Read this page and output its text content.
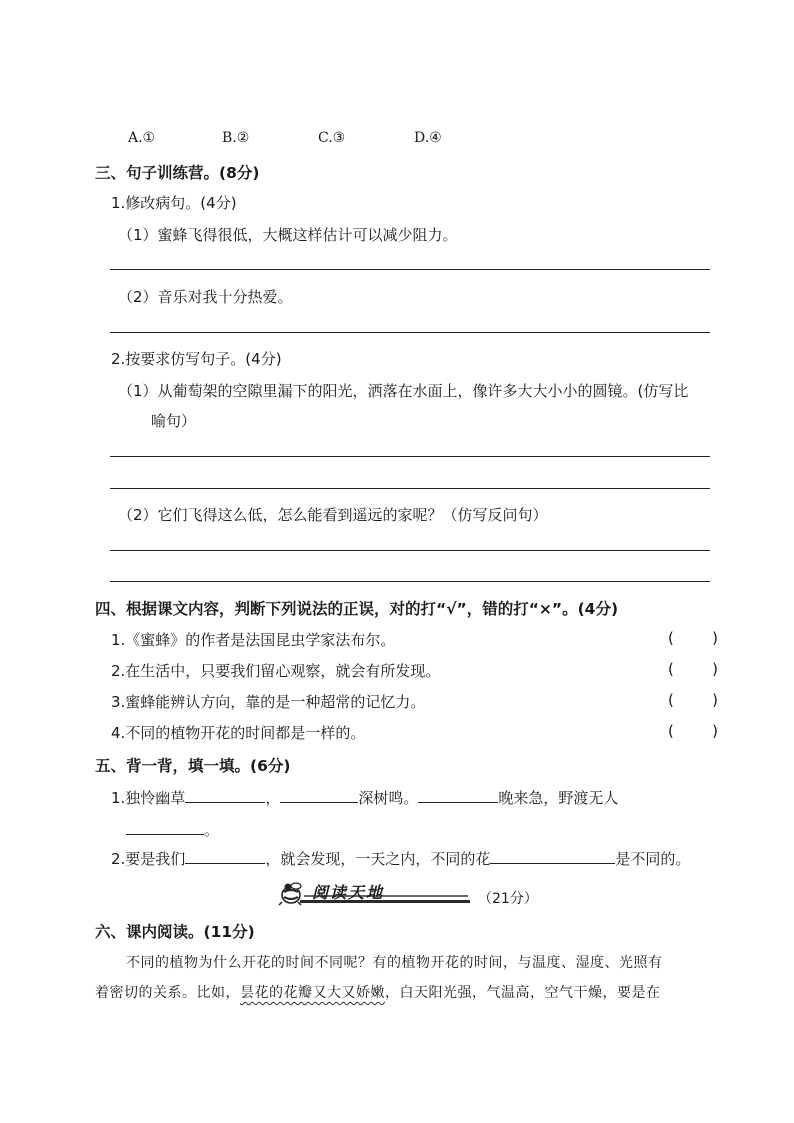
A.①	B.②	C.③	D.④
三、句子训练营。(8分)
1.修改病句。(4分)
（1）蜜蜂飞得很低，大概这样估计可以减少阻力。
（2）音乐对我十分热爱。
2.按要求仿写句子。(4分)
（1）从葡萄架的空隙里漏下的阳光，洒落在水面上，像许多大大小小的圆镜。(仿写比
喻句）
（2）它们飞得这么低，怎么能看到遥远的家呢？（仿写反问句）
四、根据课文内容，判断下列说法的正误，对的打“√”，错的打“×”。(4分)
1.《蜜蜂》的作者是法国昆虫学家法布尔。	(	)
2.在生活中，只要我们留心观察，就会有所发现。	(	)
3.蜜蜂能辨认方向，靠的是一种超常的记忆力。	(	)
4.不同的植物开花的时间都是一样的。	(	)
五、背一背，填一填。(6分)
1.独怜幽草	，	深树鸣。	晚来急，野渡无人
。
2.要是我们	，就会发现，一天之内，不同的花	是不同的。
阅读天地	（21分）
六、课内阅读。(11分)
不同的植物为什么开花的时间不同呢？有的植物开花的时间，与温度、湿度、光照有
着密切的关系。比如，昙花的花瓣又大又娇嫩，白天阳光强，气温高，空气干燥，要是在
